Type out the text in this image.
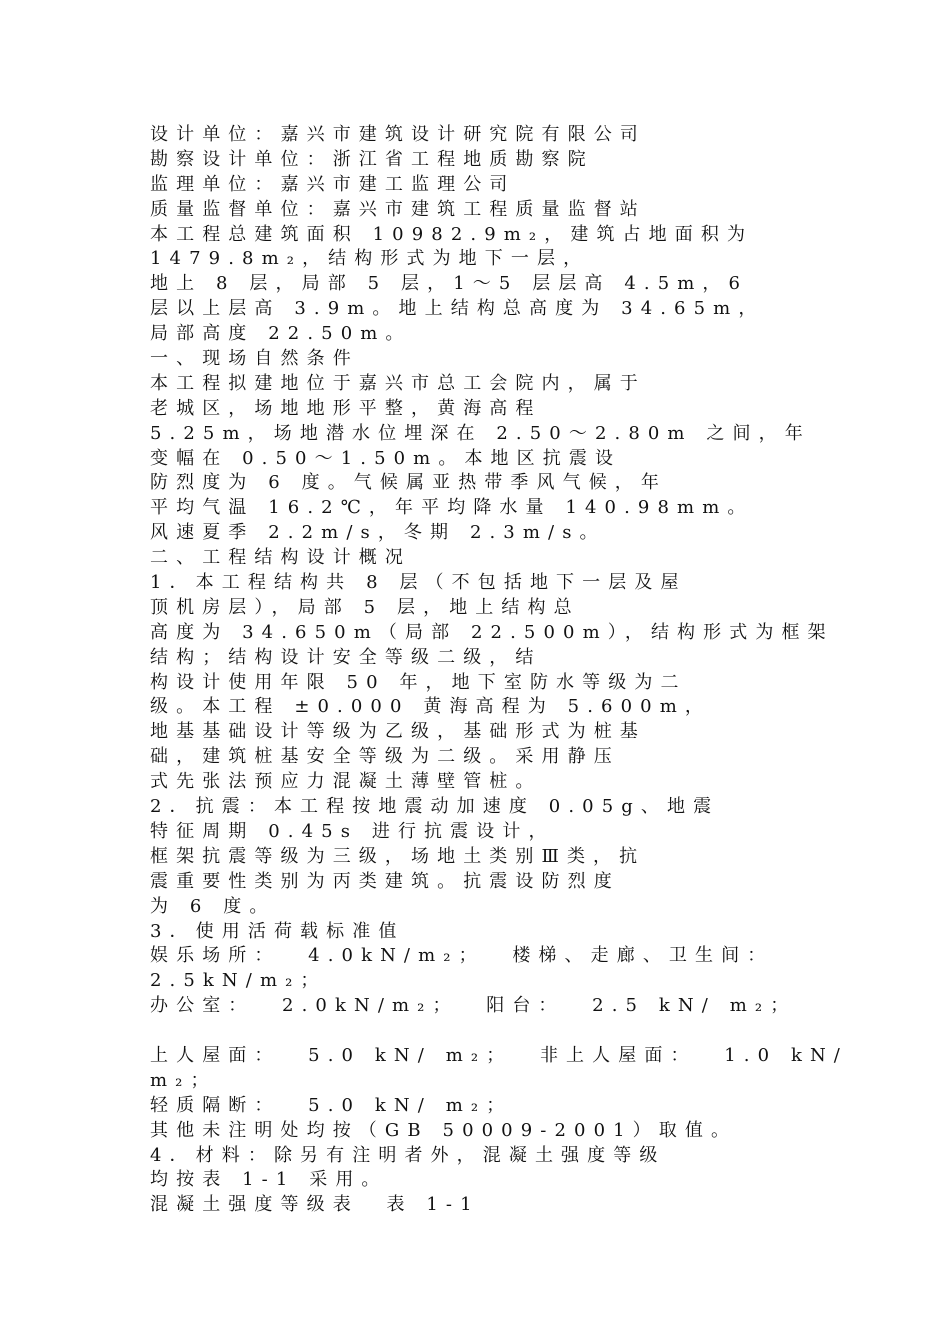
设计单位：嘉兴市建筑设计研究院有限公司
勘察设计单位：浙江省工程地质勘察院
监理单位：嘉兴市建工监理公司
质量监督单位：嘉兴市建筑工程质量监督站
本工程总建筑面积 10982.9m₂，建筑占地面积为
1479.8m₂，结构形式为地下一层，
地上 8 层，局部 5 层，1～5 层层高 4.5m，6
层以上层高 3.9m。地上结构总高度为 34.65m，
局部高度 22.50m。
一、现场自然条件
本工程拟建地位于嘉兴市总工会院内，属于
老城区，场地地形平整，黄海高程
5.25m，场地潜水位埋深在 2.50～2.80m 之间，年
变幅在 0.50～1.50m。本地区抗震设
防烈度为 6 度。气候属亚热带季风气候，年
平均气温 16.2℃，年平均降水量 140.98mm。
风速夏季 2.2m/s，冬期 2.3m/s。
二、工程结构设计概况
1．本工程结构共 8 层（不包括地下一层及屋
顶机房层），局部 5 层，地上结构总
高度为 34.650m（局部 22.500m），结构形式为框架
结构；结构设计安全等级二级，结
构设计使用年限 50 年，地下室防水等级为二
级。本工程 ±0.000 黄海高程为 5.600m，
地基基础设计等级为乙级，基础形式为桩基
础，建筑桩基安全等级为二级。采用静压
式先张法预应力混凝土薄壁管桩。
2．抗震：本工程按地震动加速度 0.05g、地震
特征周期 0.45s 进行抗震设计，
框架抗震等级为三级，场地土类别Ⅲ类，抗
震重要性类别为丙类建筑。抗震设防烈度
为 6 度。
3．使用活荷载标准值
娱乐场所：  4.0kN/m₂；  楼梯、走廊、卫生间：
2.5kN/m₂；
办公室：  2.0kN/m₂；  阳台：  2.5 kN/ m₂；
上人屋面：  5.0 kN/ m₂；  非上人屋面：  1.0 kN/
m₂；
轻质隔断：  5.0 kN/ m₂；
其他未注明处均按（GB 50009-2001）取值。
4．材料：除另有注明者外，混凝土强度等级
均按表 1-1 采用。
混凝土强度等级表  表 1-1
